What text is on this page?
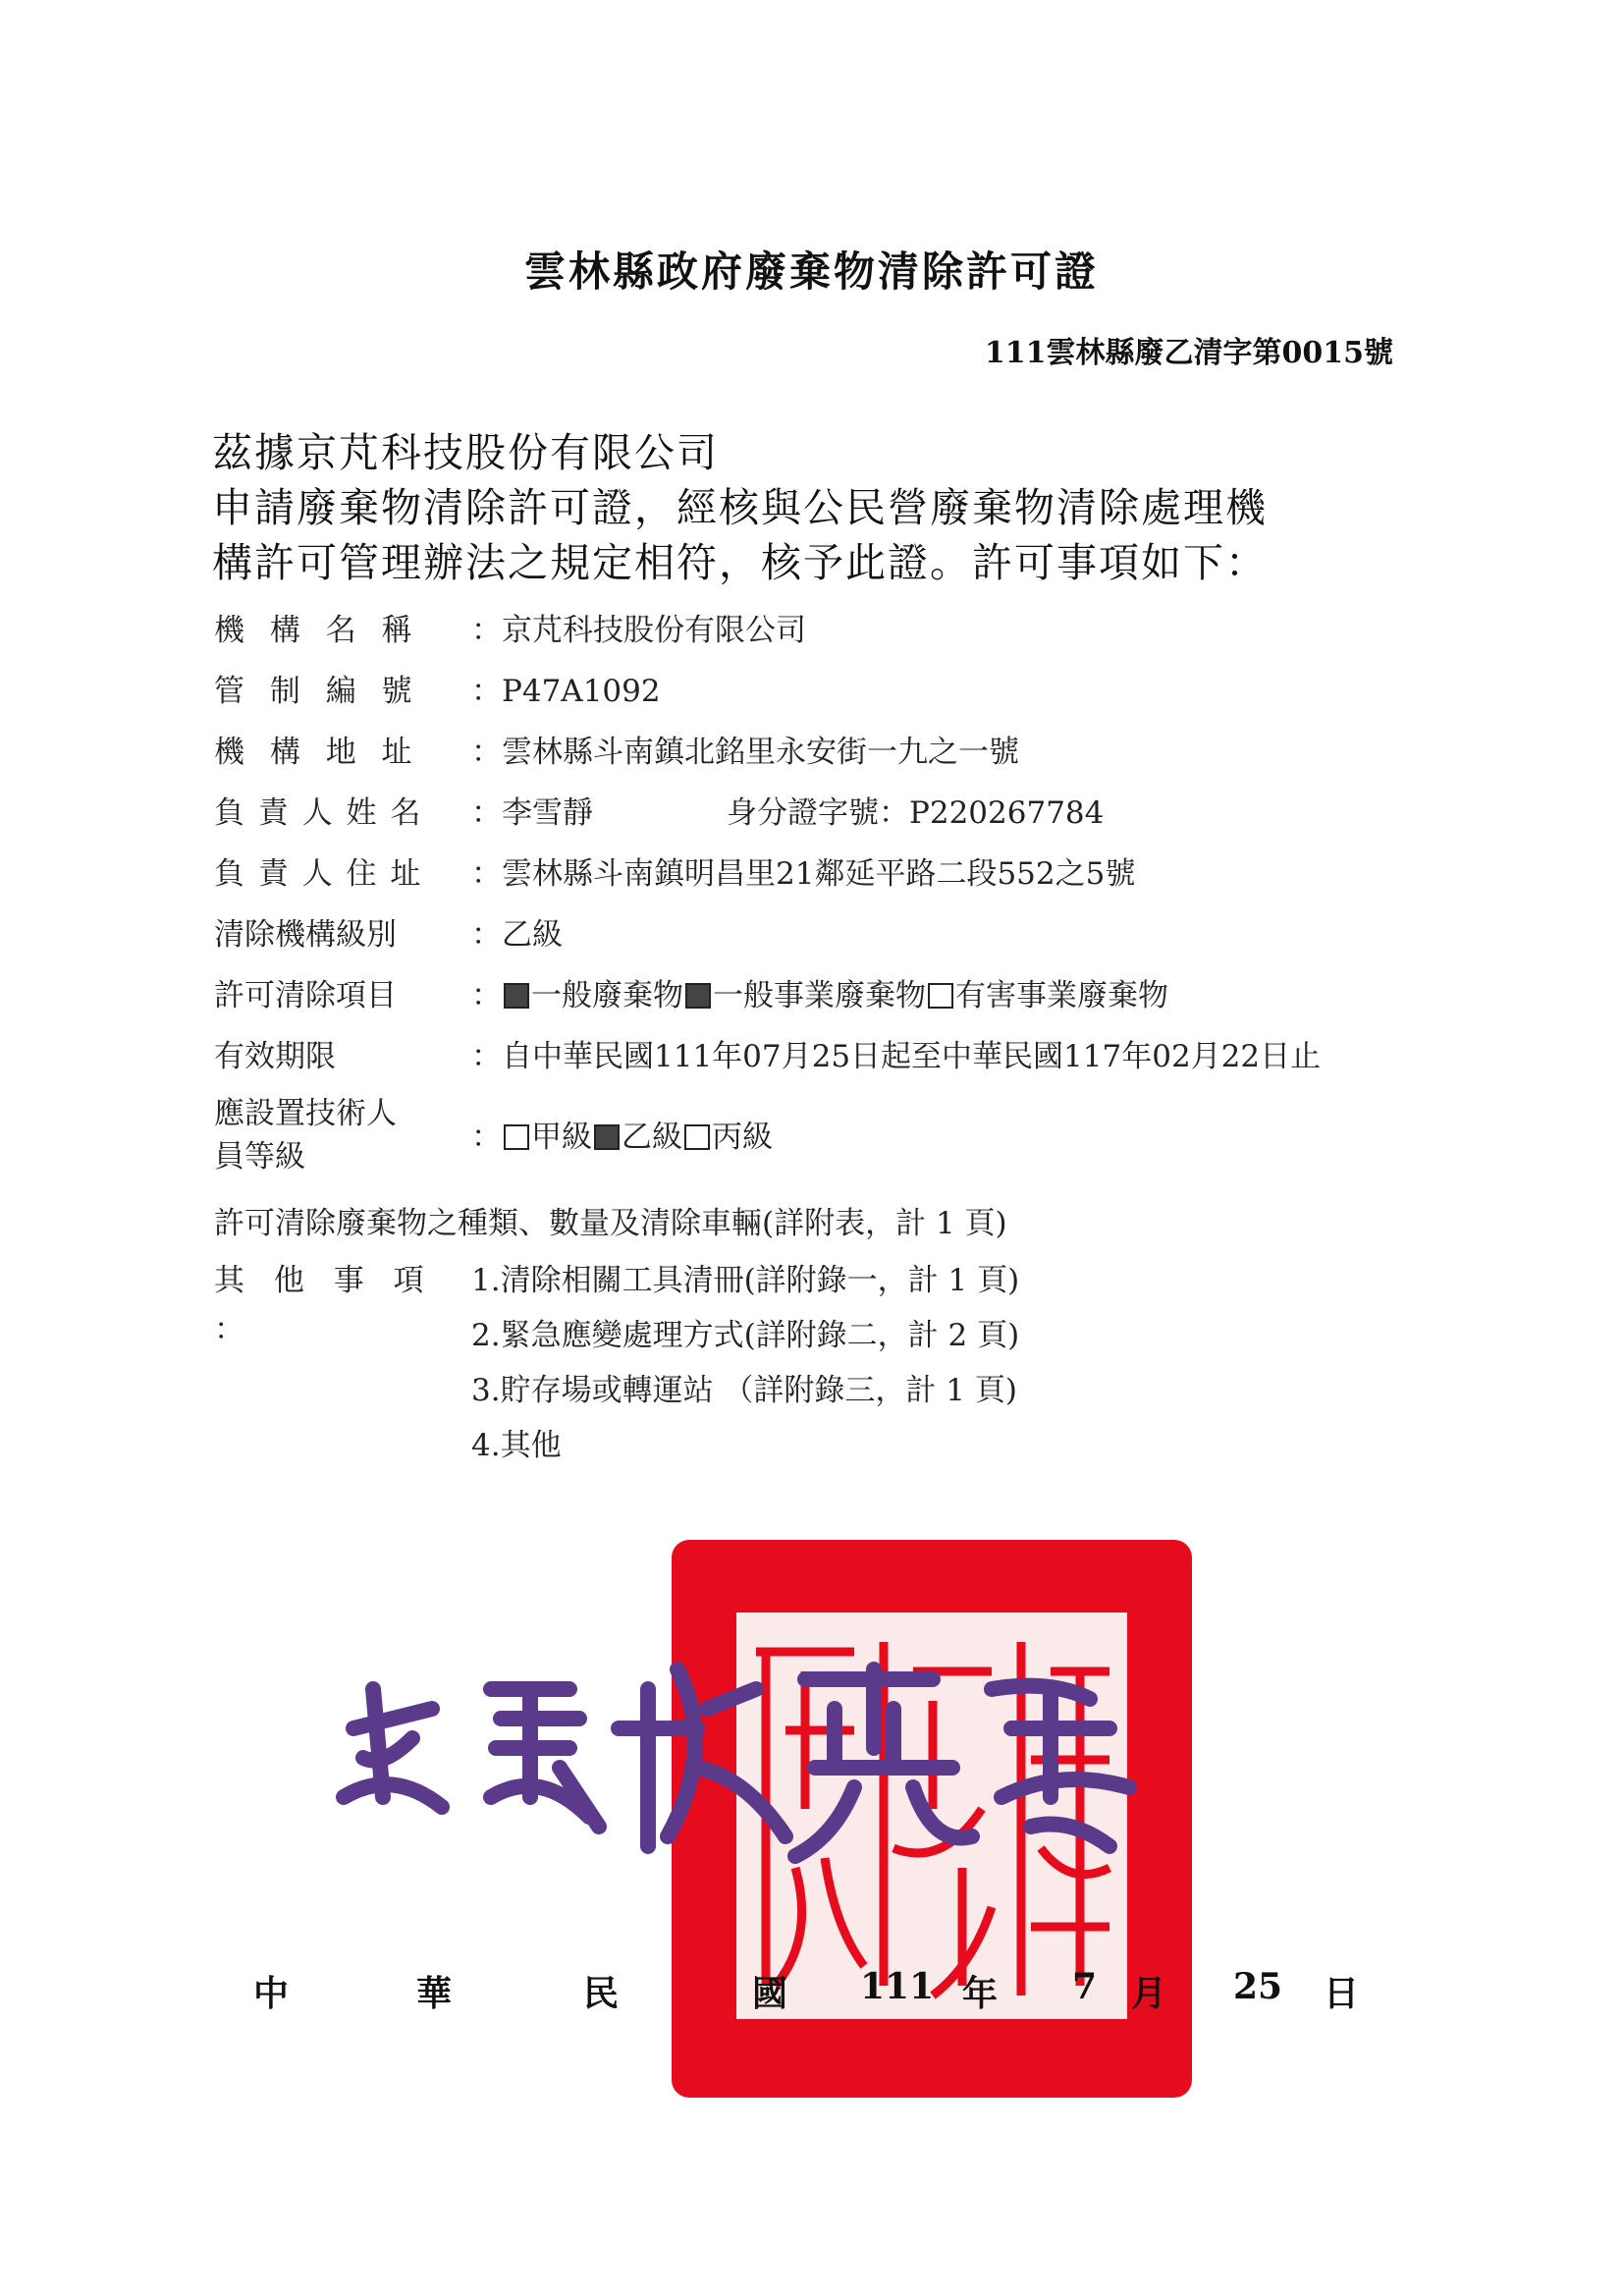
雲林縣政府廢棄物清除許可證
111雲林縣廢乙清字第0015號
茲據京芃科技股份有限公司
申請廢棄物清除許可證，經核與公民營廢棄物清除處理機
構許可管理辦法之規定相符，核予此證。許可事項如下：
機 構 名 稱 ：京芃科技股份有限公司
管 制 編 號 ：P47A1092
機 構 地 址 ：雲林縣斗南鎮北銘里永安街一九之一號
負 責 人 姓 名 ：李雪靜	身分證字號：P220267784
負 責 人 住 址 ：雲林縣斗南鎮明昌里21鄰延平路二段552之5號
清除機構級別 ：乙級
許可清除項目 ： 一般廢棄物 一般事業廢棄物 有害事業廢棄物
有效期限	：自中華民國111年07月25日起至中華民國117年02月22日止
應設置技術人
員等級
： 甲級 乙級 丙級
許可清除廢棄物之種類、數量及清除車輛(詳附表，計 1 頁)
其 他 事 項
：
1.清除相關工具清冊(詳附錄一，計 1 頁)
2.緊急應變處理方式(詳附錄二，計 2 頁)
3.貯存場或轉運站 （詳附錄三，計 1 頁)
4.其他
中	華	民	國 111 年 7 月 25 日
